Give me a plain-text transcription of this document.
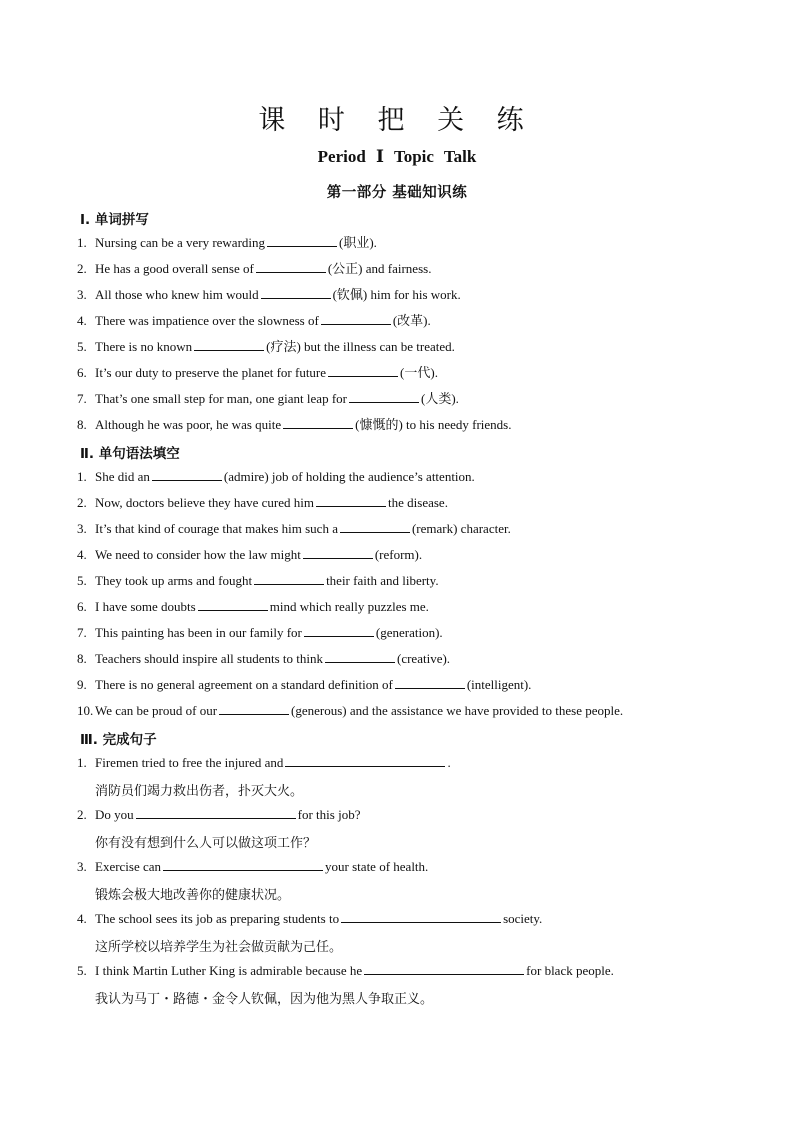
课 时 把 关 练
Period Ⅰ Topic Talk
第一部分 基础知识练
Ⅰ. 单词拼写
1. Nursing can be a very rewarding	(职业).
2. He has a good overall sense of	(公正) and fairness.
3. All those who knew him would	(钦佩) him for his work.
4. There was impatience over the slowness of	(改革).
5. There is no known	(疗法) but the illness can be treated.
6. It’s our duty to preserve the planet for future	(一代).
7. That’s one small step for man, one giant leap for	(人类).
8. Although he was poor, he was quite	(慷慨的) to his needy friends.
Ⅱ. 单句语法填空
1. She did an	(admire) job of holding the audience’s attention.
2. Now, doctors believe they have cured him	the disease.
3. It’s that kind of courage that makes him such a	(remark) character.
4. We need to consider how the law might	(reform).
5. They took up arms and fought	their faith and liberty.
6. I have some doubts	mind which really puzzles me.
7. This painting has been in our family for	(generation).
8. Teachers should inspire all students to think	(creative).
9. There is no general agreement on a standard definition of	(intelligent).
10. We can be proud of our	(generous) and the assistance we have provided to these people.
Ⅲ. 完成句子
1. Firemen tried to free the injured and	.
消防员们竭力救出伤者，扑灭大火。
2. Do you	for this job?
你有没有想到什么人可以做这项工作？
3. Exercise can	your state of health.
锻炼会极大地改善你的健康状况。
4. The school sees its job as preparing students to	society.
这所学校以培养学生为社会做贡献为己任。
5. I think Martin Luther King is admirable because he	for black people.
我认为马丁・路德・金令人钦佩，因为他为黑人争取正义。
